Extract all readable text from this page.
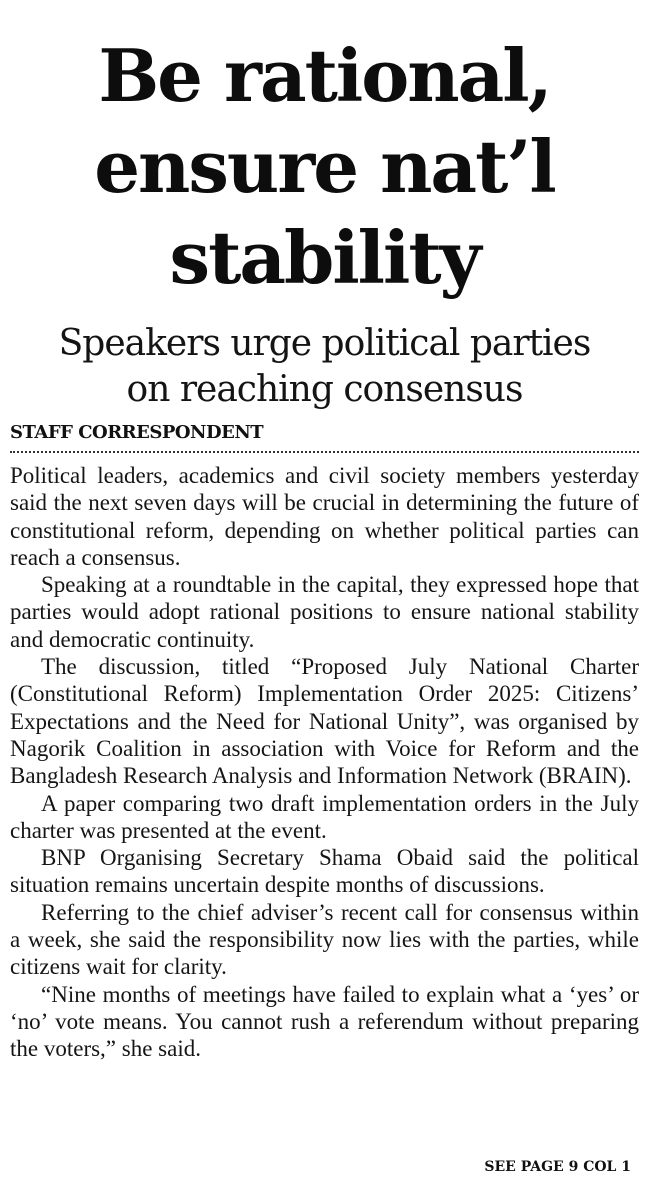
Be rational,
ensure nat’l
stability
Speakers urge political parties
on reaching consensus
STAFF CORRESPONDENT

Political leaders, academics and civil society members yesterday said the next seven days will be crucial in determining the future of constitutional reform, depending on whether political parties can reach a consensus.

Speaking at a roundtable in the capital, they expressed hope that parties would adopt rational positions to ensure national stability and democratic continuity.

The discussion, titled “Proposed July National Charter (Constitutional Reform) Implementation Order 2025: Citizens’ Expectations and the Need for National Unity”, was organised by Nagorik Coalition in association with Voice for Reform and the Bangladesh Research Analysis and Information Network (BRAIN).

A paper comparing two draft implementation orders in the July charter was presented at the event.

BNP Organising Secretary Shama Obaid said the political situation remains uncertain despite months of discussions.

Referring to the chief adviser’s recent call for consensus within a week, she said the responsibility now lies with the parties, while citizens wait for clarity.

“Nine months of meetings have failed to explain what a ‘yes’ or ‘no’ vote means. You cannot rush a referendum without preparing the voters,” she said.

SEE PAGE 9 COL 1
